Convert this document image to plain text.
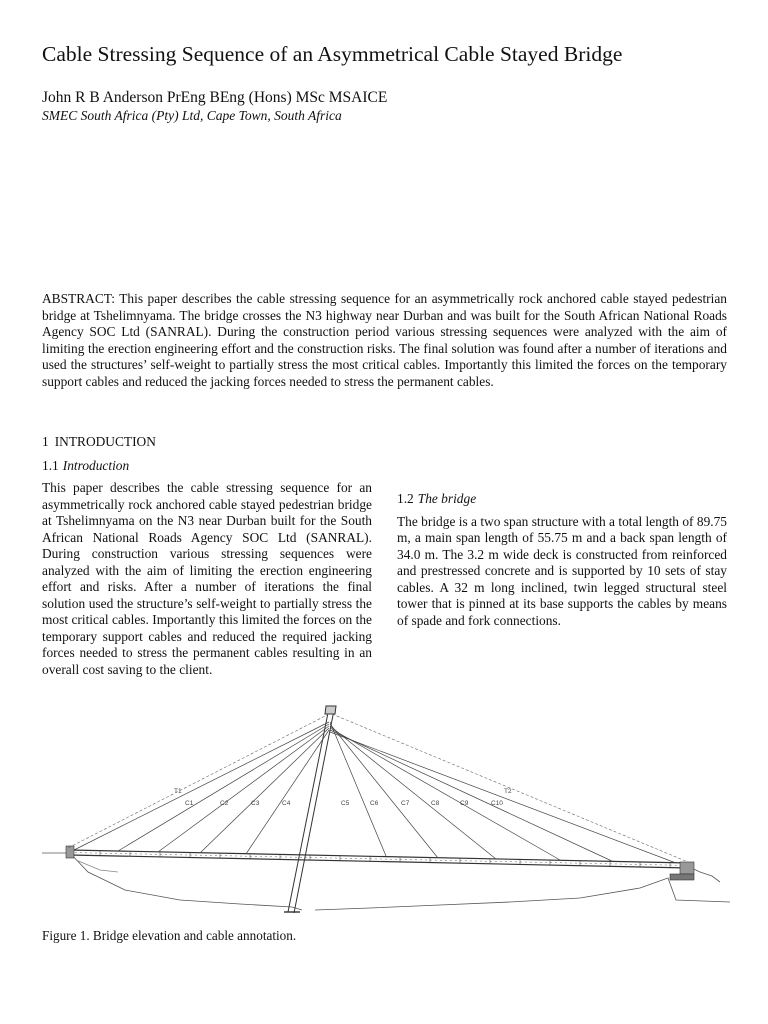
Cable Stressing Sequence of an Asymmetrical Cable Stayed Bridge
John R B Anderson PrEng BEng (Hons) MSc MSAICE
SMEC South Africa (Pty) Ltd, Cape Town, South Africa

ABSTRACT: This paper describes the cable stressing sequence for an asymmetrically rock anchored cable stayed pedestrian bridge at Tshelimnyama. The bridge crosses the N3 highway near Durban and was built for the South African National Roads Agency SOC Ltd (SANRAL). During the construction period various stressing sequences were analyzed with the aim of limiting the erection engineering effort and the construction risks. The final solution was found after a number of iterations and used the structures’ self-weight to partially stress the most critical cables. Importantly this limited the forces on the temporary support cables and reduced the jacking forces needed to stress the permanent cables.

1 INTRODUCTION
1.1 Introduction

This paper describes the cable stressing sequence for an asymmetrically rock anchored cable stayed pedestrian bridge at Tshelimnyama on the N3 near Durban built for the South African National Roads Agency SOC Ltd (SANRAL). During construction various stressing sequences were analyzed with the aim of limiting the erection engineering effort and risks. After a number of iterations the final solution used the structure’s self-weight to partially stress the most critical cables. Importantly this limited the forces on the temporary support cables and reduced the required jacking forces needed to stress the permanent cables resulting in an overall cost saving to the client.

1.2 The bridge

The bridge is a two span structure with a total length of 89.75 m, a main span length of 55.75 m and a back span length of 34.0 m. The 3.2 m wide deck is constructed from reinforced and prestressed concrete and is supported by 10 sets of stay cables. A 32 m long inclined, twin legged structural steel tower that is pinned at its base supports the cables by means of spade and fork connections.

T1	T2
C1	C2	C3	C4	C5	C6	C7	C8	C9	C10
Figure 1. Bridge elevation and cable annotation.
